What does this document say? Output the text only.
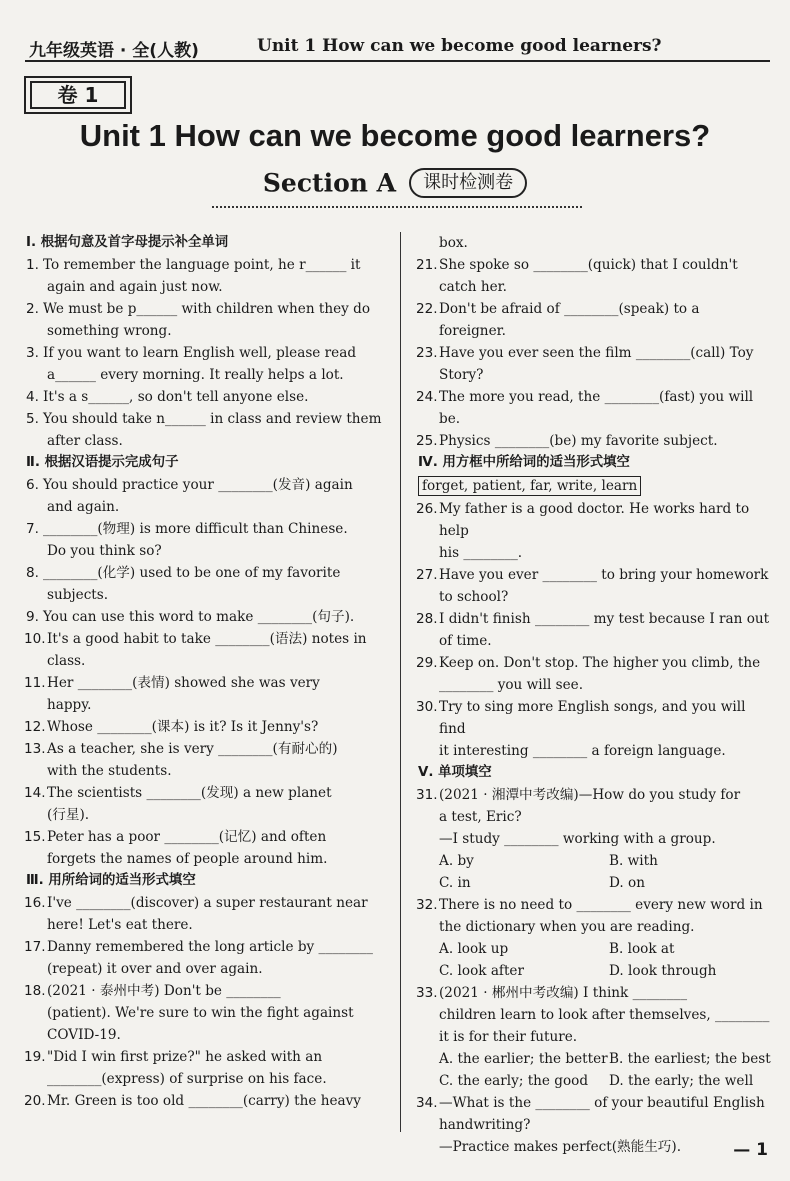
九年级英语 · 全(人教)	Unit 1 How can we become good learners?
卷 1
Unit 1 How can we become good learners?
Section A 课时检测卷
Ⅰ. 根据句意及首字母提示补全单词
1. To remember the language point, he r______ it
again and again just now.
2. We must be p______ with children when they do
something wrong.
3. If you want to learn English well, please read
a______ every morning. It really helps a lot.
4. It's a s______, so don't tell anyone else.
5. You should take n______ in class and review them
after class.
Ⅱ. 根据汉语提示完成句子
6. You should practice your ________(发音) again
and again.
7. ________(物理) is more difficult than Chinese.
Do you think so?
8. ________(化学) used to be one of my favorite
subjects.
9. You can use this word to make ________(句子).
10. It's a good habit to take ________(语法) notes in
class.
11. Her ________(表情) showed she was very
happy.
12. Whose ________(课本) is it? Is it Jenny's?
13. As a teacher, she is very ________(有耐心的)
with the students.
14. The scientists ________(发现) a new planet
(行星).
15. Peter has a poor ________(记忆) and often
forgets the names of people around him.
Ⅲ. 用所给词的适当形式填空
16. I've ________(discover) a super restaurant near
here! Let's eat there.
17. Danny remembered the long article by ________
(repeat) it over and over again.
18. (2021 · 泰州中考) Don't be ________
(patient). We're sure to win the fight against
COVID-19.
19. "Did I win first prize?" he asked with an
________(express) of surprise on his face.
20. Mr. Green is too old ________(carry) the heavy
box.
21. She spoke so ________(quick) that I couldn't
catch her.
22. Don't be afraid of ________(speak) to a
foreigner.
23. Have you ever seen the film ________(call) Toy
Story?
24. The more you read, the ________(fast) you will
be.
25. Physics ________(be) my favorite subject.
Ⅳ. 用方框中所给词的适当形式填空
forget, patient, far, write, learn
26. My father is a good doctor. He works hard to help
his ________.
27. Have you ever ________ to bring your homework
to school?
28. I didn't finish ________ my test because I ran out
of time.
29. Keep on. Don't stop. The higher you climb, the
________ you will see.
30. Try to sing more English songs, and you will find
it interesting ________ a foreign language.
Ⅴ. 单项填空
31. (2021 · 湘潭中考改编)—How do you study for
a test, Eric?
—I study ________ working with a group.
A. by	B. with
C. in	D. on
32. There is no need to ________ every new word in
the dictionary when you are reading.
A. look up	B. look at
C. look after	D. look through
33. (2021 · 郴州中考改编) I think ________
children learn to look after themselves, ________
it is for their future.
A. the earlier; the better B. the earliest; the best
C. the early; the good	D. the early; the well
34. —What is the ________ of your beautiful English
handwriting?
—Practice makes perfect(熟能生巧).	— 1
